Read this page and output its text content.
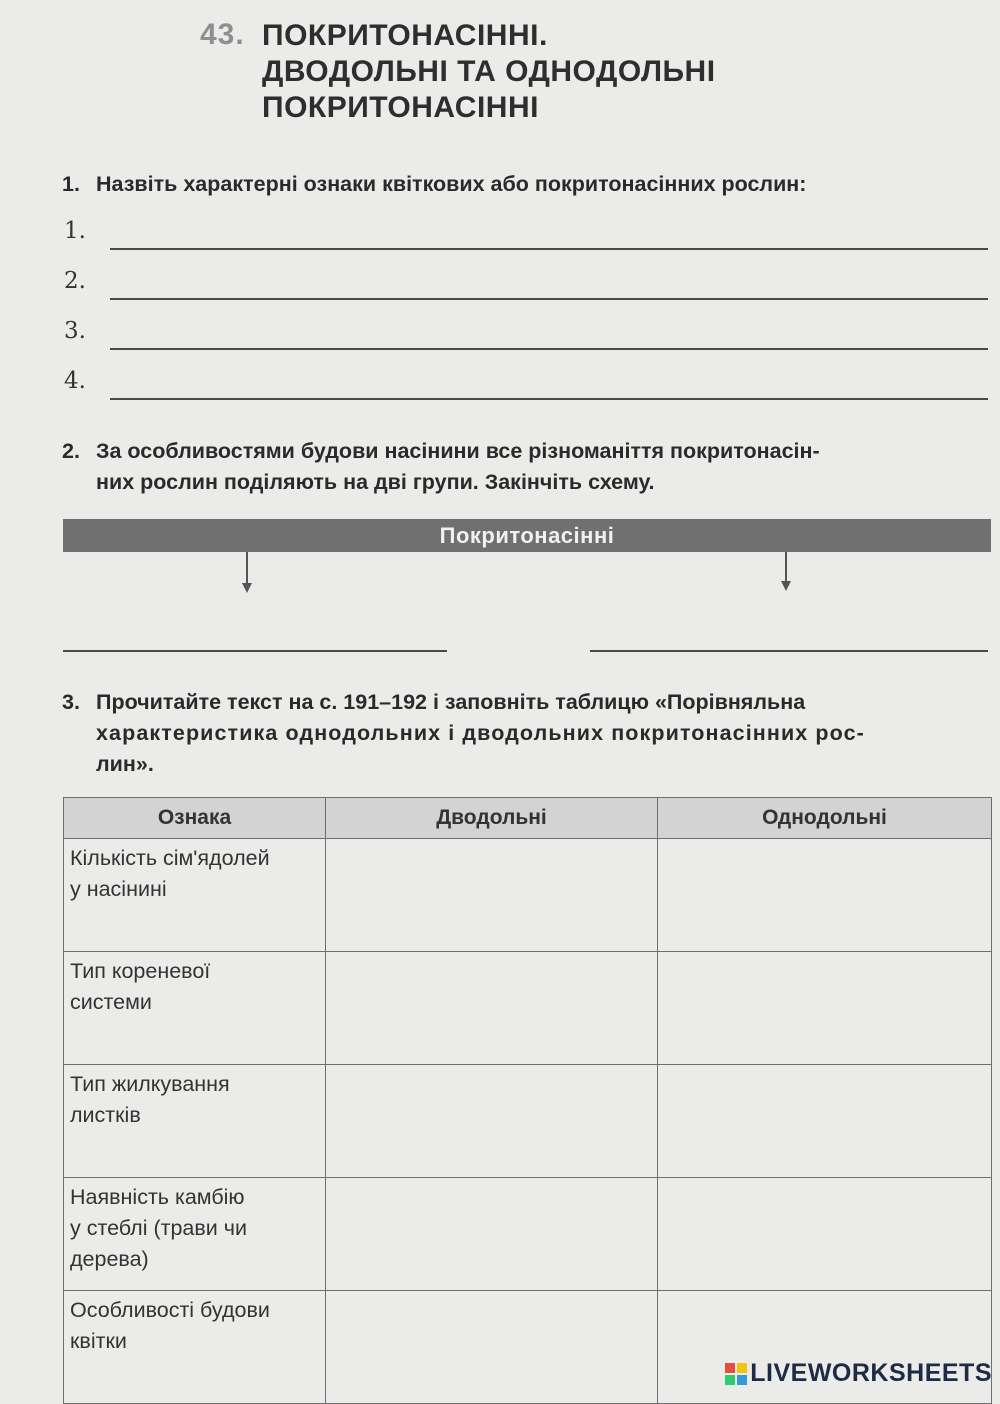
43. ПОКРИТОНАСІННІ.
ДВОДОЛЬНІ ТА ОДНОДОЛЬНІ
ПОКРИТОНАСІННІ
1. Назвіть характерні ознаки квіткових або покритонасінних рослин:
1.
2.
3.
4.
2. За особливостями будови насінини все різноманіття покритонасін-
них рослин поділяють на дві групи. Закінчіть схему.
Покритонасінні
3. Прочитайте текст на с. 191–192 і заповніть таблицю «Порівняльна
характеристика однодольних і дводольних покритонасінних рос-
лин».
Ознака	Дводольні	Однодольні

Кількість сім'ядолей
у насінині		

Тип кореневої
системи		

Тип жилкування
листків		

Наявність камбію
у стеблі (трави чи
дерева)		

Особливості будови
квітки		

LIVEWORKSHEETS
